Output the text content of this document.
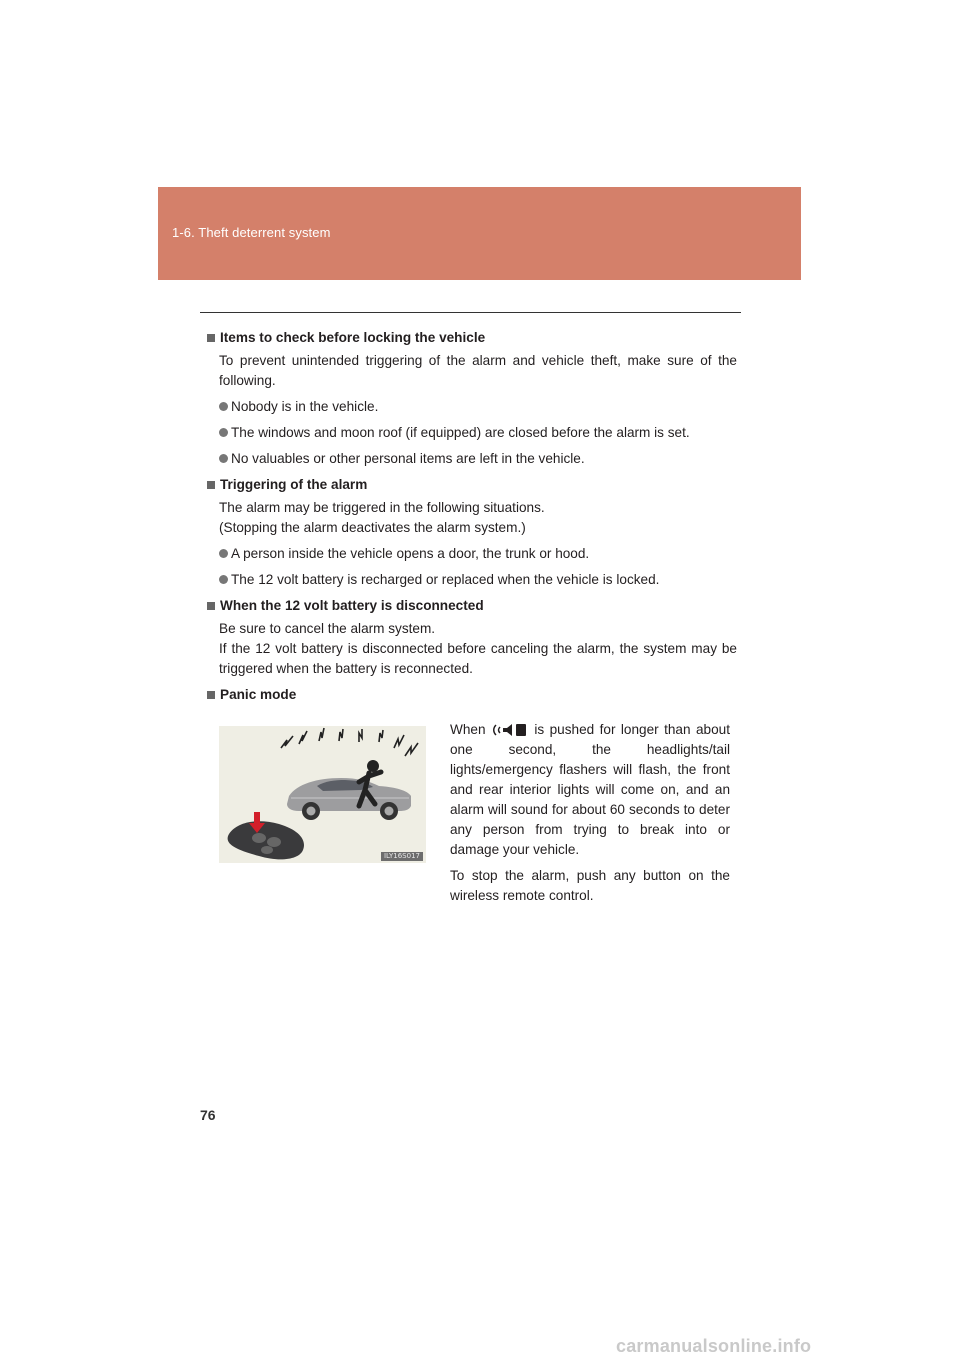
1-6. Theft deterrent system
Items to check before locking the vehicle

To prevent unintended triggering of the alarm and vehicle theft, make sure of the following.

Nobody is in the vehicle.
The windows and moon roof (if equipped) are closed before the alarm is set.
No valuables or other personal items are left in the vehicle.
Triggering of the alarm

The alarm may be triggered in the following situations.

(Stopping the alarm deactivates the alarm system.)

A person inside the vehicle opens a door, the trunk or hood.
The 12 volt battery is recharged or replaced when the vehicle is locked.
When the 12 volt battery is disconnected

Be sure to cancel the alarm system.

If the 12 volt battery is disconnected before canceling the alarm, the system may be triggered when the battery is reconnected.

Panic mode
ILY16S017

When	is pushed for longer than about one second, the headlights/tail lights/emergency flashers will flash, the front and rear interior lights will come on, and an alarm will sound for about 60 seconds to deter any person from trying to break into or damage your vehicle.

To stop the alarm, push any button on the wireless remote control.

76
carmanualsonline.info
